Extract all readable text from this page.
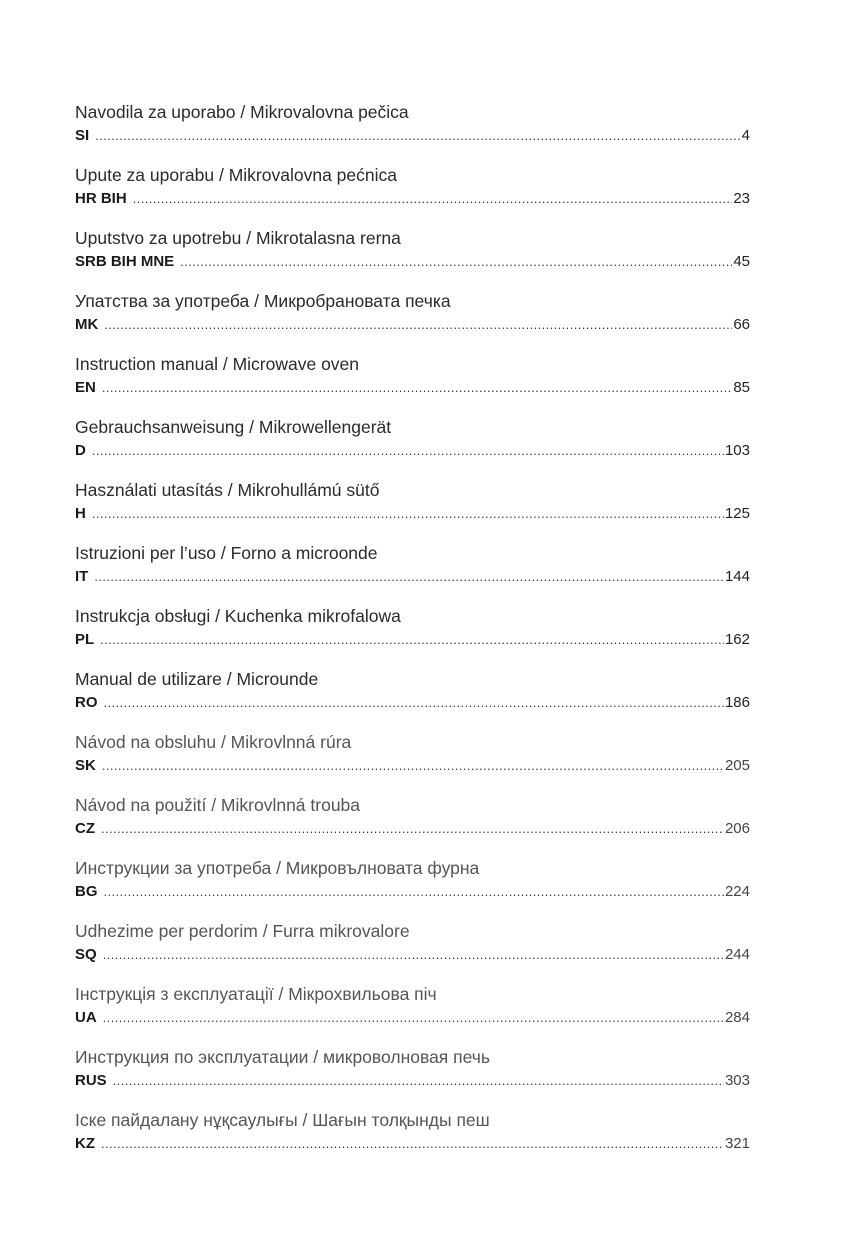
Navodila za uporabo / Mikrovalovna pečica
SI .....	4
Upute za uporabu / Mikrovalovna pećnica
HR BIH .....	23
Uputstvo za upotrebu / Mikrotalasna rerna
SRB BIH MNE .....	45
Упатства за употреба / Микробрановата печка
MK .....	66
Instruction manual / Microwave oven
EN .....	85
Gebrauchsanweisung / Mikrowellengerät
D .....	103
Használati utasítás / Mikrohullámú sütő
H .....	125
Istruzioni per l’uso / Forno a microonde
IT .....	144
Instrukcja obsługi / Kuchenka mikrofalowa
PL .....	162
Manual de utilizare / Microunde
RO .....	186
Návod na obsluhu / Mikrovlnná rúra
SK .....	205
Návod na použití / Mikrovlnná trouba
CZ .....	206
Инструкции за употреба / Микровълновата фурна
BG .....	224
Udhezime per perdorim / Furra mikrovalore
SQ .....	244
Інструкція з експлуатації / Мікрохвильова піч
UA .....	284
Инструкция по эксплуатации / микроволновая печь
RUS .....	303
Іске пайдалану нұқсаулығы / Шағын толқынды пеш
KZ .....	321
